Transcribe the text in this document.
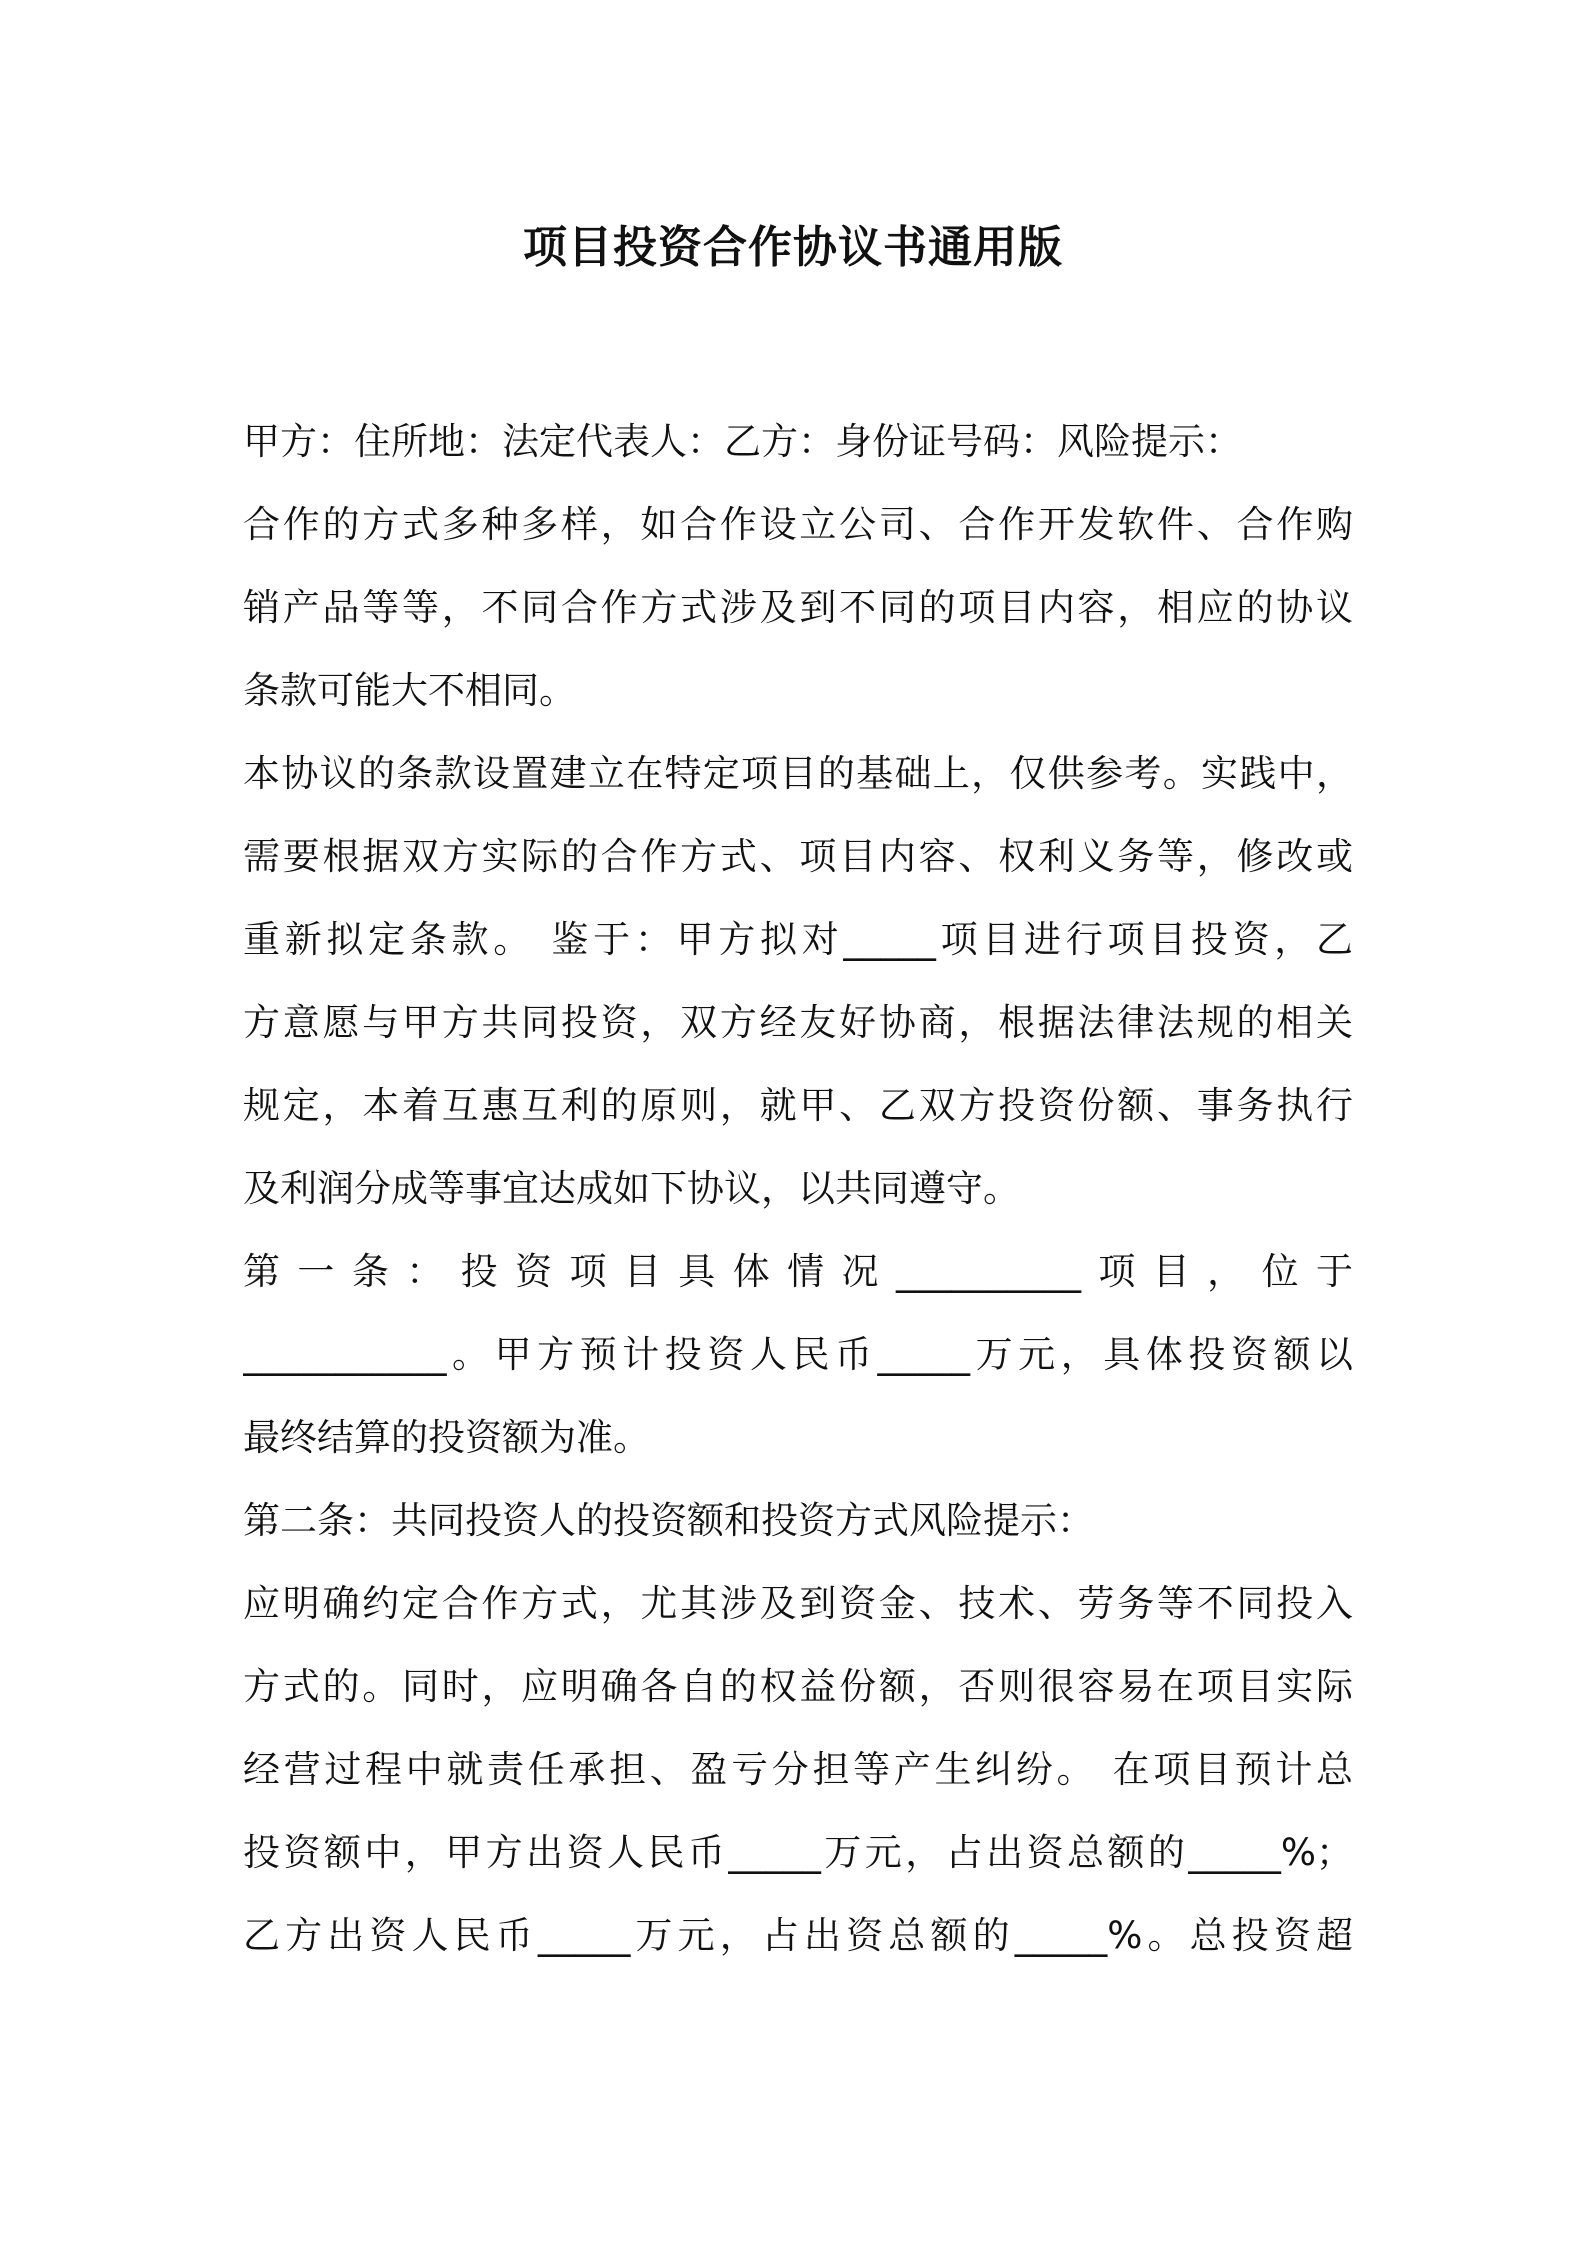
项目投资合作协议书通用版
甲方：住所地：法定代表人：乙方：身份证号码：风险提示：
合作的方式多种多样，如合作设立公司、合作开发软件、合作购
销产品等等，不同合作方式涉及到不同的项目内容，相应的协议
条款可能大不相同。
本协议的条款设置建立在特定项目的基础上，仅供参考。实践中，
需要根据双方实际的合作方式、项目内容、权利义务等，修改或
重新拟定条款。 鉴于：甲方拟对_____项目进行项目投资，乙
方意愿与甲方共同投资，双方经友好协商，根据法律法规的相关
规定，本着互惠互利的原则，就甲、乙双方投资份额、事务执行
及利润分成等事宜达成如下协议，以共同遵守。
第一条：投资项目具体情况__________项目，位于
___________。甲方预计投资人民币_____万元，具体投资额以
最终结算的投资额为准。
第二条：共同投资人的投资额和投资方式风险提示：
应明确约定合作方式，尤其涉及到资金、技术、劳务等不同投入
方式的。同时，应明确各自的权益份额，否则很容易在项目实际
经营过程中就责任承担、盈亏分担等产生纠纷。 在项目预计总
投资额中，甲方出资人民币_____万元，占出资总额的_____%；
乙方出资人民币_____万元，占出资总额的_____%。总投资超
